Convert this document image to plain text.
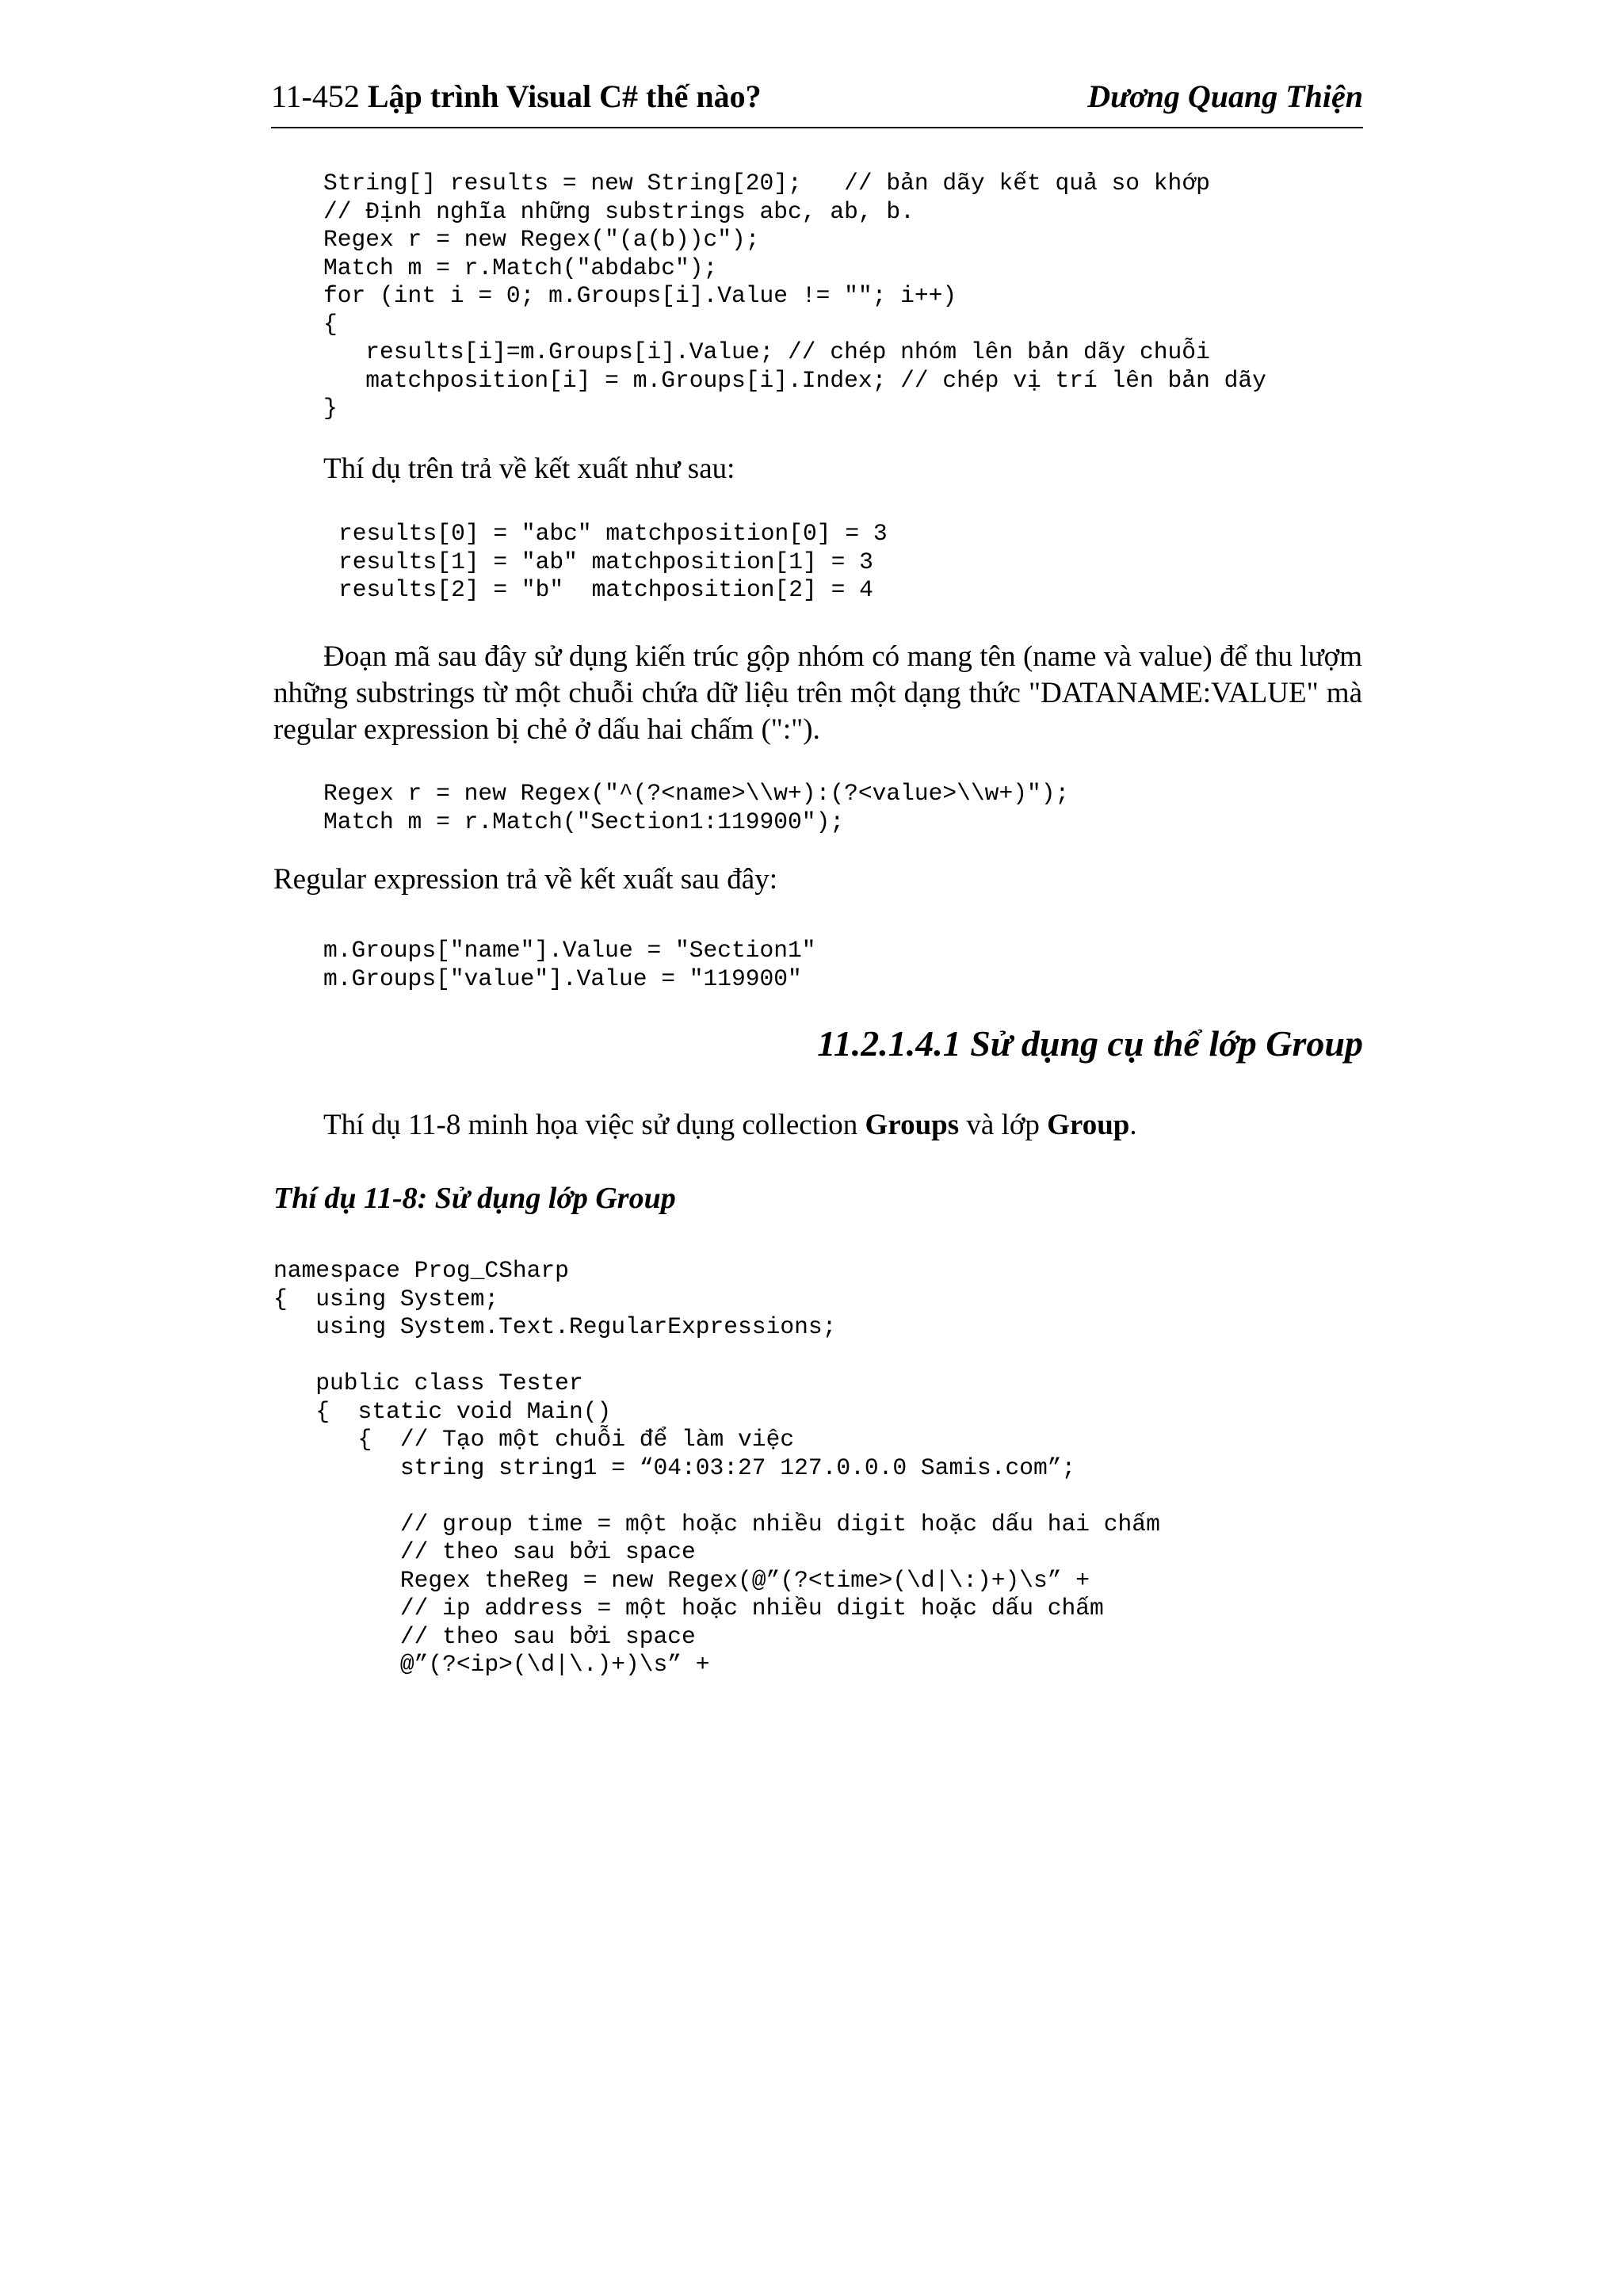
11-452 Lập trình Visual C# thế nào?	Dương Quang Thiện
String[] results = new String[20];   // bản dãy kết quả so khớp
// Định nghĩa những substrings abc, ab, b.
Regex r = new Regex("(a(b))c");
Match m = r.Match("abdabc");
for (int i = 0; m.Groups[i].Value != ""; i++)
{
results[i]=m.Groups[i].Value; // chép nhóm lên bản dãy chuỗi
matchposition[i] = m.Groups[i].Index; // chép vị trí lên bản dãy
}

Thí dụ trên trả về kết xuất như sau:

results[0] = "abc" matchposition[0] = 3
results[1] = "ab" matchposition[1] = 3
results[2] = "b"  matchposition[2] = 4

Đoạn mã sau đây sử dụng kiến trúc gộp nhóm có mang tên (name và value) để thu lượm những substrings từ một chuỗi chứa dữ liệu trên một dạng thức "DATANAME:VALUE" mà regular expression bị chẻ ở dấu hai chấm (":").

Regex r = new Regex("^(?<name>\\w+):(?<value>\\w+)");
Match m = r.Match("Section1:119900");

Regular expression trả về kết xuất sau đây:

m.Groups["name"].Value = "Section1"
m.Groups["value"].Value = "119900"
11.2.1.4.1 Sử dụng cụ thể lớp Group

Thí dụ 11-8 minh họa việc sử dụng collection Groups và lớp Group.

Thí dụ 11-8: Sử dụng lớp Group
namespace Prog_CSharp
{  using System;
using System.Text.RegularExpressions;

public class Tester
{  static void Main()
{  // Tạo một chuỗi để làm việc
string string1 = “04:03:27 127.0.0.0 Samis.com”;

// group time = một hoặc nhiều digit hoặc dấu hai chấm
// theo sau bởi space
Regex theReg = new Regex(@”(?<time>(\d|\:)+)\s” +
// ip address = một hoặc nhiều digit hoặc dấu chấm
// theo sau bởi space
@”(?<ip>(\d|\.)+)\s” +
